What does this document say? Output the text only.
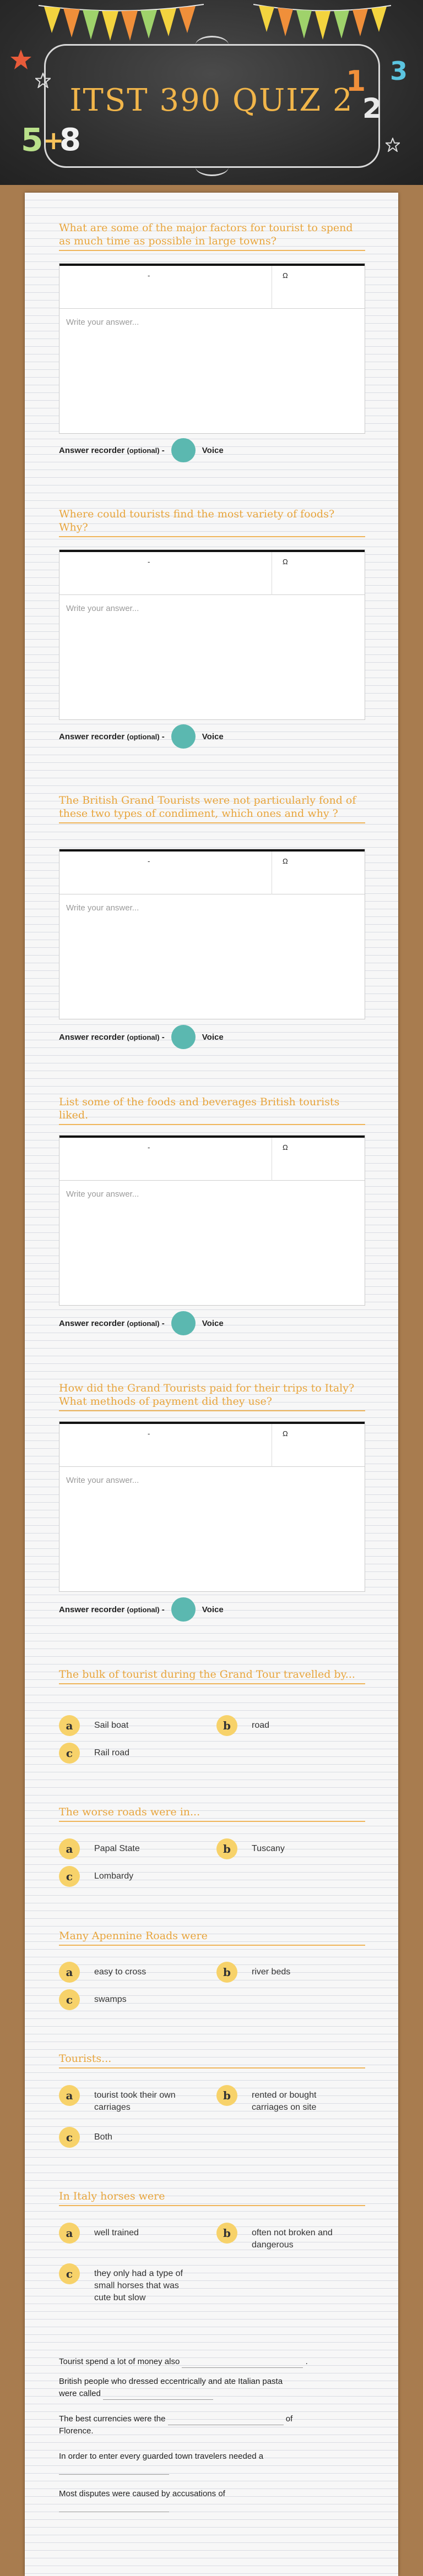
ITST 390 QUIZ 2
5 +
8
1
2
3
What are some of the major factors for tourist to spend as much time as possible in large towns?
-	Ω
Write your answer...
Answer recorder
(optional)
-	Voice
Where could tourists find the most variety of foods? Why?
-	Ω
Write your answer...
Answer recorder
(optional)
-	Voice
The British Grand Tourists were not particularly fond of these two types of condiment, which ones and why ?
-	Ω
Write your answer...
Answer recorder
(optional)
-	Voice
List some of the foods and beverages British tourists liked.
-	Ω
Write your answer...
Answer recorder
(optional)
-	Voice
How did the Grand Tourists paid for their trips to Italy? What methods of payment did they use?
-	Ω
Write your answer...
Answer recorder
(optional)
-	Voice
The bulk of tourist during the Grand Tour travelled by...
a	Sail boat	b	road
c	Rail road
The worse roads were in...
a	Papal State	b	Tuscany
c	Lombardy
Many Apennine Roads were
a	easy to cross	b	river beds
c	swamps
Tourists...
a	tourist took their own carriages
b	rented or bought carriages on site
c	Both
In Italy horses were
a	well trained	b	often not broken and dangerous
c	they only had a type of small horses that was cute but slow
Tourist spend a lot of money also	.
British people who dressed eccentrically and ate Italian pasta
were called
The best currencies were the	of
Florence.
In order to enter every guarded town travelers needed a

Most disputes were caused by accusations of
